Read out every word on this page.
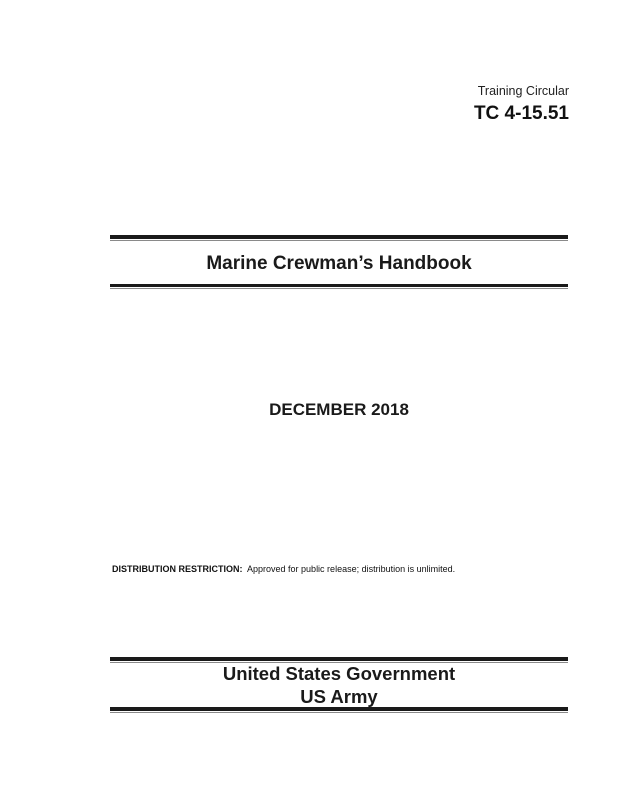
Training Circular
TC 4-15.51
Marine Crewman’s Handbook
DECEMBER 2018
DISTRIBUTION RESTRICTION: Approved for public release; distribution is unlimited.
United States Government
US Army
